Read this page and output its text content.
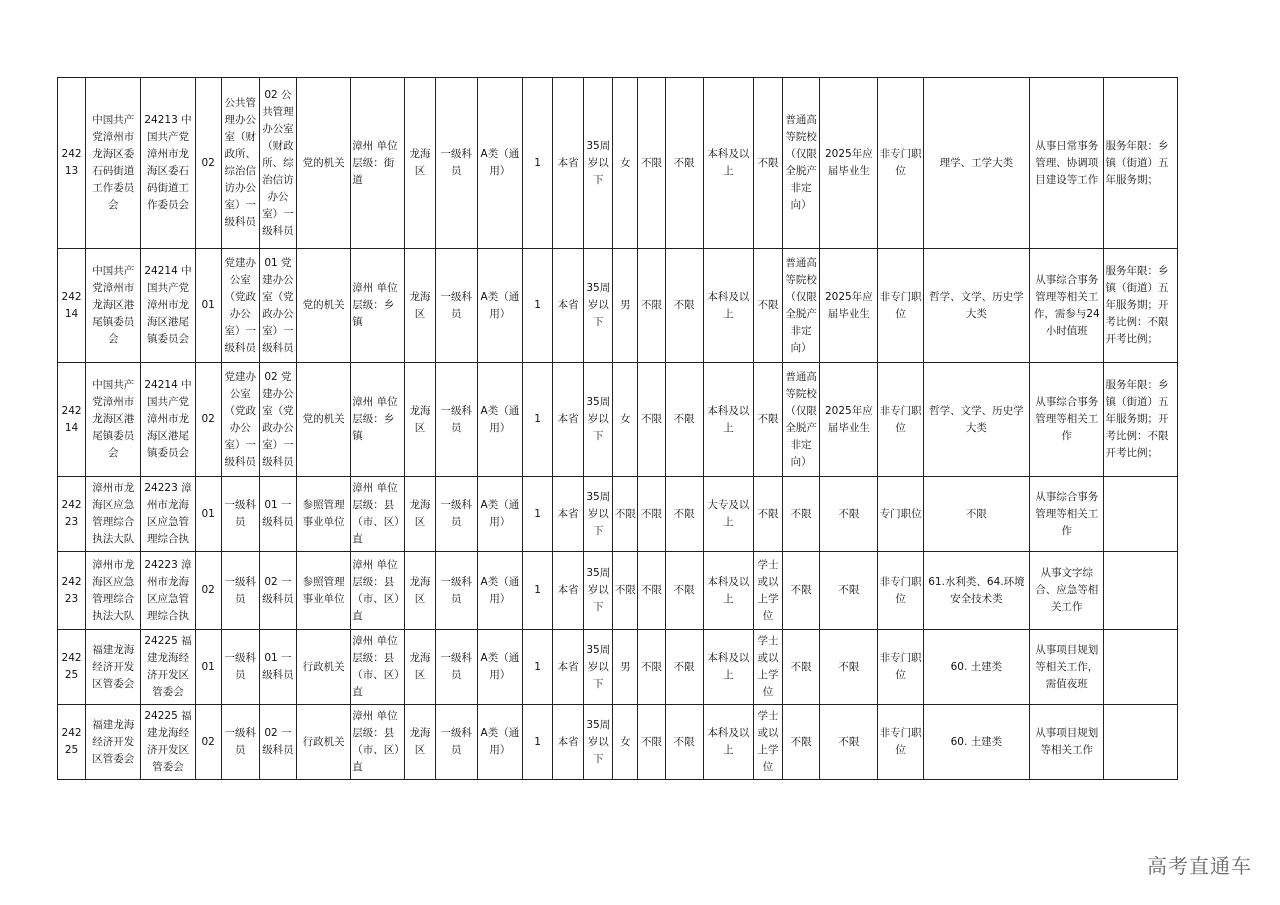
24213	中国共产党漳州市龙海区委石码街道工作委员会	24213 中国共产党漳州市龙海区委石码街道工作委员会	02	公共管理办公室（财政所、综治信访办公室）一级科员	02 公共管理办公室（财政所、综治信访办公室）一级科员	党的机关	漳州 单位层级：街道	龙海区	一级科员	A类（通用）	1	本省	35周岁以下	女	不限	不限	本科及以上	不限	普通高等院校（仅限全脱产非定向）	2025年应届毕业生	非专门职位	理学、工学大类	从事日常事务管理、协调项目建设等工作	服务年限：乡镇（街道）五年服务期；
24214	中国共产党漳州市龙海区港尾镇委员会	24214 中国共产党漳州市龙海区港尾镇委员会	01	党建办公室（党政办公室）一级科员	01 党建办公室（党政办公室）一级科员	党的机关	漳州 单位层级：乡镇	龙海区	一级科员	A类（通用）	1	本省	35周岁以下	男	不限	不限	本科及以上	不限	普通高等院校（仅限全脱产非定向）	2025年应届毕业生	非专门职位	哲学、文学、历史学大类	从事综合事务管理等相关工作，需参与24小时值班	服务年限：乡镇（街道）五年服务期；开考比例：不限开考比例；
24214	中国共产党漳州市龙海区港尾镇委员会	24214 中国共产党漳州市龙海区港尾镇委员会	02	党建办公室（党政办公室）一级科员	02 党建办公室（党政办公室）一级科员	党的机关	漳州 单位层级：乡镇	龙海区	一级科员	A类（通用）	1	本省	35周岁以下	女	不限	不限	本科及以上	不限	普通高等院校（仅限全脱产非定向）	2025年应届毕业生	非专门职位	哲学、文学、历史学大类	从事综合事务管理等相关工作	服务年限：乡镇（街道）五年服务期；开考比例：不限开考比例；
24223	漳州市龙海区应急管理综合执法大队	24223 漳州市龙海区应急管理综合执	01	一级科员	01 一级科员	参照管理事业单位	漳州 单位层级：县（市、区）直	龙海区	一级科员	A类（通用）	1	本省	35周岁以下	不限	不限	不限	大专及以上	不限	不限	不限	专门职位	不限	从事综合事务管理等相关工作	
24223	漳州市龙海区应急管理综合执法大队	24223 漳州市龙海区应急管理综合执	02	一级科员	02 一级科员	参照管理事业单位	漳州 单位层级：县（市、区）直	龙海区	一级科员	A类（通用）	1	本省	35周岁以下	不限	不限	不限	本科及以上	学士或以上学位	不限	不限	非专门职位	61.水利类、64.环境安全技术类	从事文字综合、应急等相关工作	
24225	福建龙海经济开发区管委会	24225 福建龙海经济开发区管委会	01	一级科员	01 一级科员	行政机关	漳州 单位层级：县（市、区）直	龙海区	一级科员	A类（通用）	1	本省	35周岁以下	男	不限	不限	本科及以上	学士或以上学位	不限	不限	非专门职位	60. 土建类	从事项目规划等相关工作，需值夜班	
24225	福建龙海经济开发区管委会	24225 福建龙海经济开发区管委会	02	一级科员	02 一级科员	行政机关	漳州 单位层级：县（市、区）直	龙海区	一级科员	A类（通用）	1	本省	35周岁以下	女	不限	不限	本科及以上	学士或以上学位	不限	不限	非专门职位	60. 土建类	从事项目规划等相关工作	
高考直通车
